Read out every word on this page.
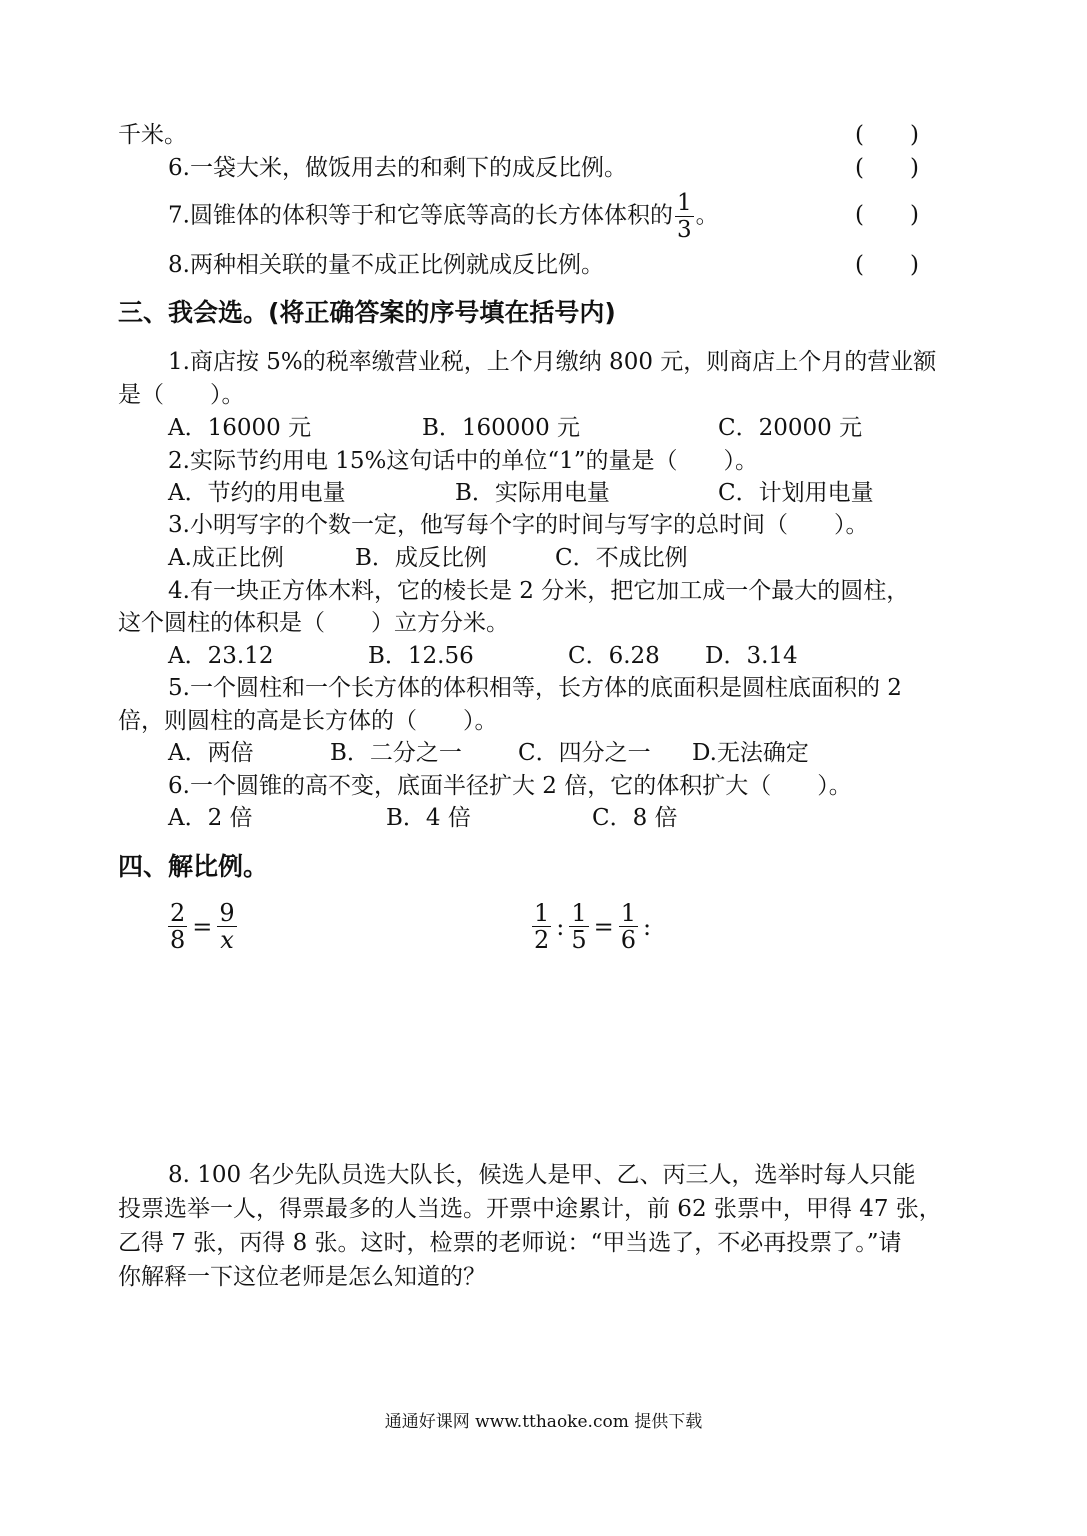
千米。	(　　)
6.一袋大米，做饭用去的和剩下的成反比例。	(　　)
7.圆锥体的体积等于和它等底等高的长方体体积的 $\frac{1}{3}$ 。	(　　)
8.两种相关联的量不成正比例就成反比例。	(　　)
三、我会选。(将正确答案的序号填在括号内)
1.商店按 5%的税率缴营业税，上个月缴纳 800 元，则商店上个月的营业额
是（　　）。
A．16000 元	B．160000 元	C．20000 元
2.实际节约用电 15%这句话中的单位“1”的量是（　　）。
A．节约的用电量	B．实际用电量	C．计划用电量
3.小明写字的个数一定，他写每个字的时间与写字的总时间（　　）。
A.成正比例	B．成反比例	C．不成比例
4.有一块正方体木料，它的棱长是 2 分米，把它加工成一个最大的圆柱，
这个圆柱的体积是（　　）立方分米。
A．23.12	B．12.56	C．6.28 D．3.14
5.一个圆柱和一个长方体的体积相等，长方体的底面积是圆柱底面积的 2
倍，则圆柱的高是长方体的（　　）。
A．两倍	B．二分之一 C．四分之一 D.无法确定
6.一个圆锥的高不变，底面半径扩大 2 倍，它的体积扩大（　　）。
A．2 倍	B．4 倍	C．8 倍
四、解比例。
$\frac{2}{8} = \frac{9}{x}$	$\frac{1}{2}$ : $\frac{1}{5} = \frac{1}{6}$ :
8. 100 名少先队员选大队长，候选人是甲、乙、丙三人，选举时每人只能
投票选举一人，得票最多的人当选。开票中途累计，前 62 张票中，甲得 47 张，
乙得 7 张，丙得 8 张。这时，检票的老师说：“甲当选了，不必再投票了。”请
你解释一下这位老师是怎么知道的？
通通好课网 www.tthaoke.com 提供下载
